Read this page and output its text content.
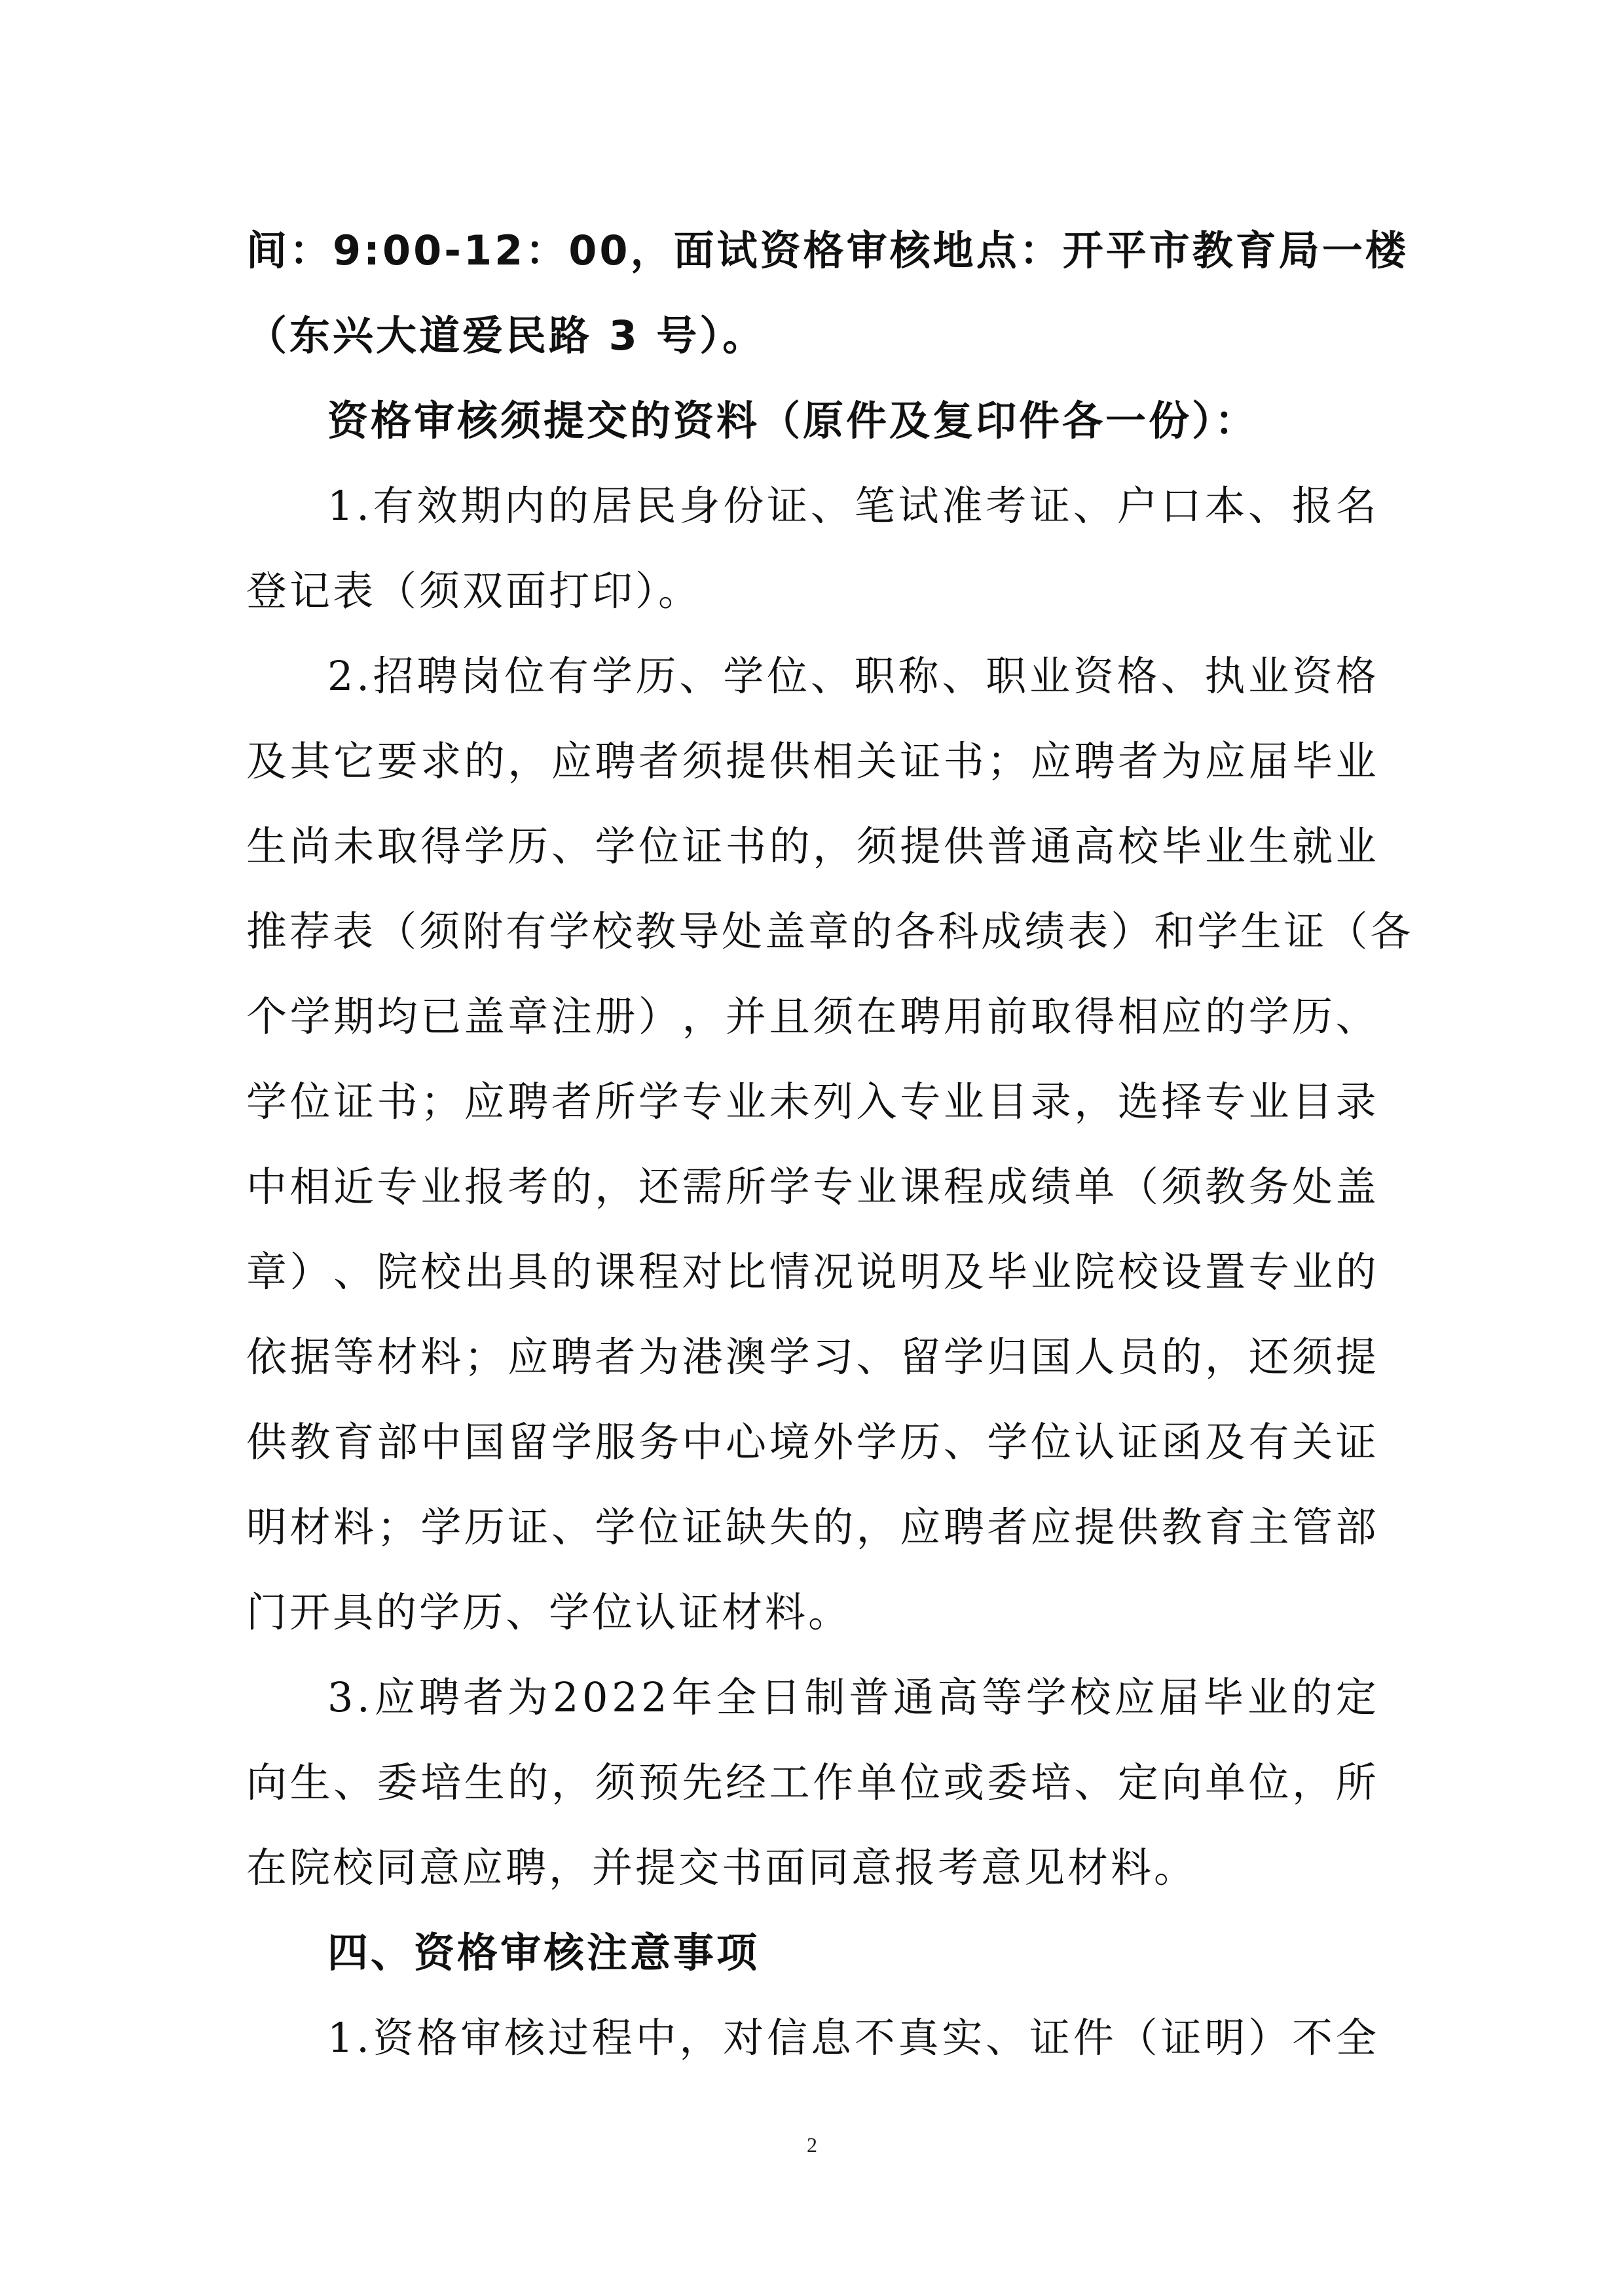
间 ： 9 : 0 0 - 1 2 ： 0 0 ， 面 试 资 格 审 核 地 点 ： 开 平 市 教 育 局 一 楼
（东兴大道爱民路 3 号）。
资格审核须提交的资料（原件及复印件各一份）：
1 . 有 效 期 内 的 居 民 身 份 证 、 笔 试 准 考 证 、 户 口 本 、 报 名
登记表（须双面打印）。
2 . 招 聘 岗 位 有 学 历 、 学 位 、 职 称 、 职 业 资 格 、 执 业 资 格
及 其 它 要 求 的 ， 应 聘 者 须 提 供 相 关 证 书 ； 应 聘 者 为 应 届 毕 业
生 尚 未 取 得 学 历 、 学 位 证 书 的 ， 须 提 供 普 通 高 校 毕 业 生 就 业
推 荐 表 （ 须 附 有 学 校 教 导 处 盖 章 的 各 科 成 绩 表 ） 和 学 生 证 （ 各
个 学 期 均 已 盖 章 注 册 ） ， 并 且 须 在 聘 用 前 取 得 相 应 的 学 历 、
学 位 证 书 ； 应 聘 者 所 学 专 业 未 列 入 专 业 目 录 ， 选 择 专 业 目 录
中 相 近 专 业 报 考 的 ， 还 需 所 学 专 业 课 程 成 绩 单 （ 须 教 务 处 盖
章 ） 、 院 校 出 具 的 课 程 对 比 情 况 说 明 及 毕 业 院 校 设 置 专 业 的
依 据 等 材 料 ； 应 聘 者 为 港 澳 学 习 、 留 学 归 国 人 员 的 ， 还 须 提
供 教 育 部 中 国 留 学 服 务 中 心 境 外 学 历 、 学 位 认 证 函 及 有 关 证
明 材 料 ； 学 历 证 、 学 位 证 缺 失 的 ， 应 聘 者 应 提 供 教 育 主 管 部
门开具的学历、学位认证材料。
3 . 应 聘 者 为 2 0 2 2 年 全 日 制 普 通 高 等 学 校 应 届 毕 业 的 定
向 生 、 委 培 生 的 ， 须 预 先 经 工 作 单 位 或 委 培 、 定 向 单 位 ， 所
在院校同意应聘，并提交书面同意报考意见材料。
四、资格审核注意事项
1 . 资 格 审 核 过 程 中 ， 对 信 息 不 真 实 、 证 件 （ 证 明 ） 不 全
2
